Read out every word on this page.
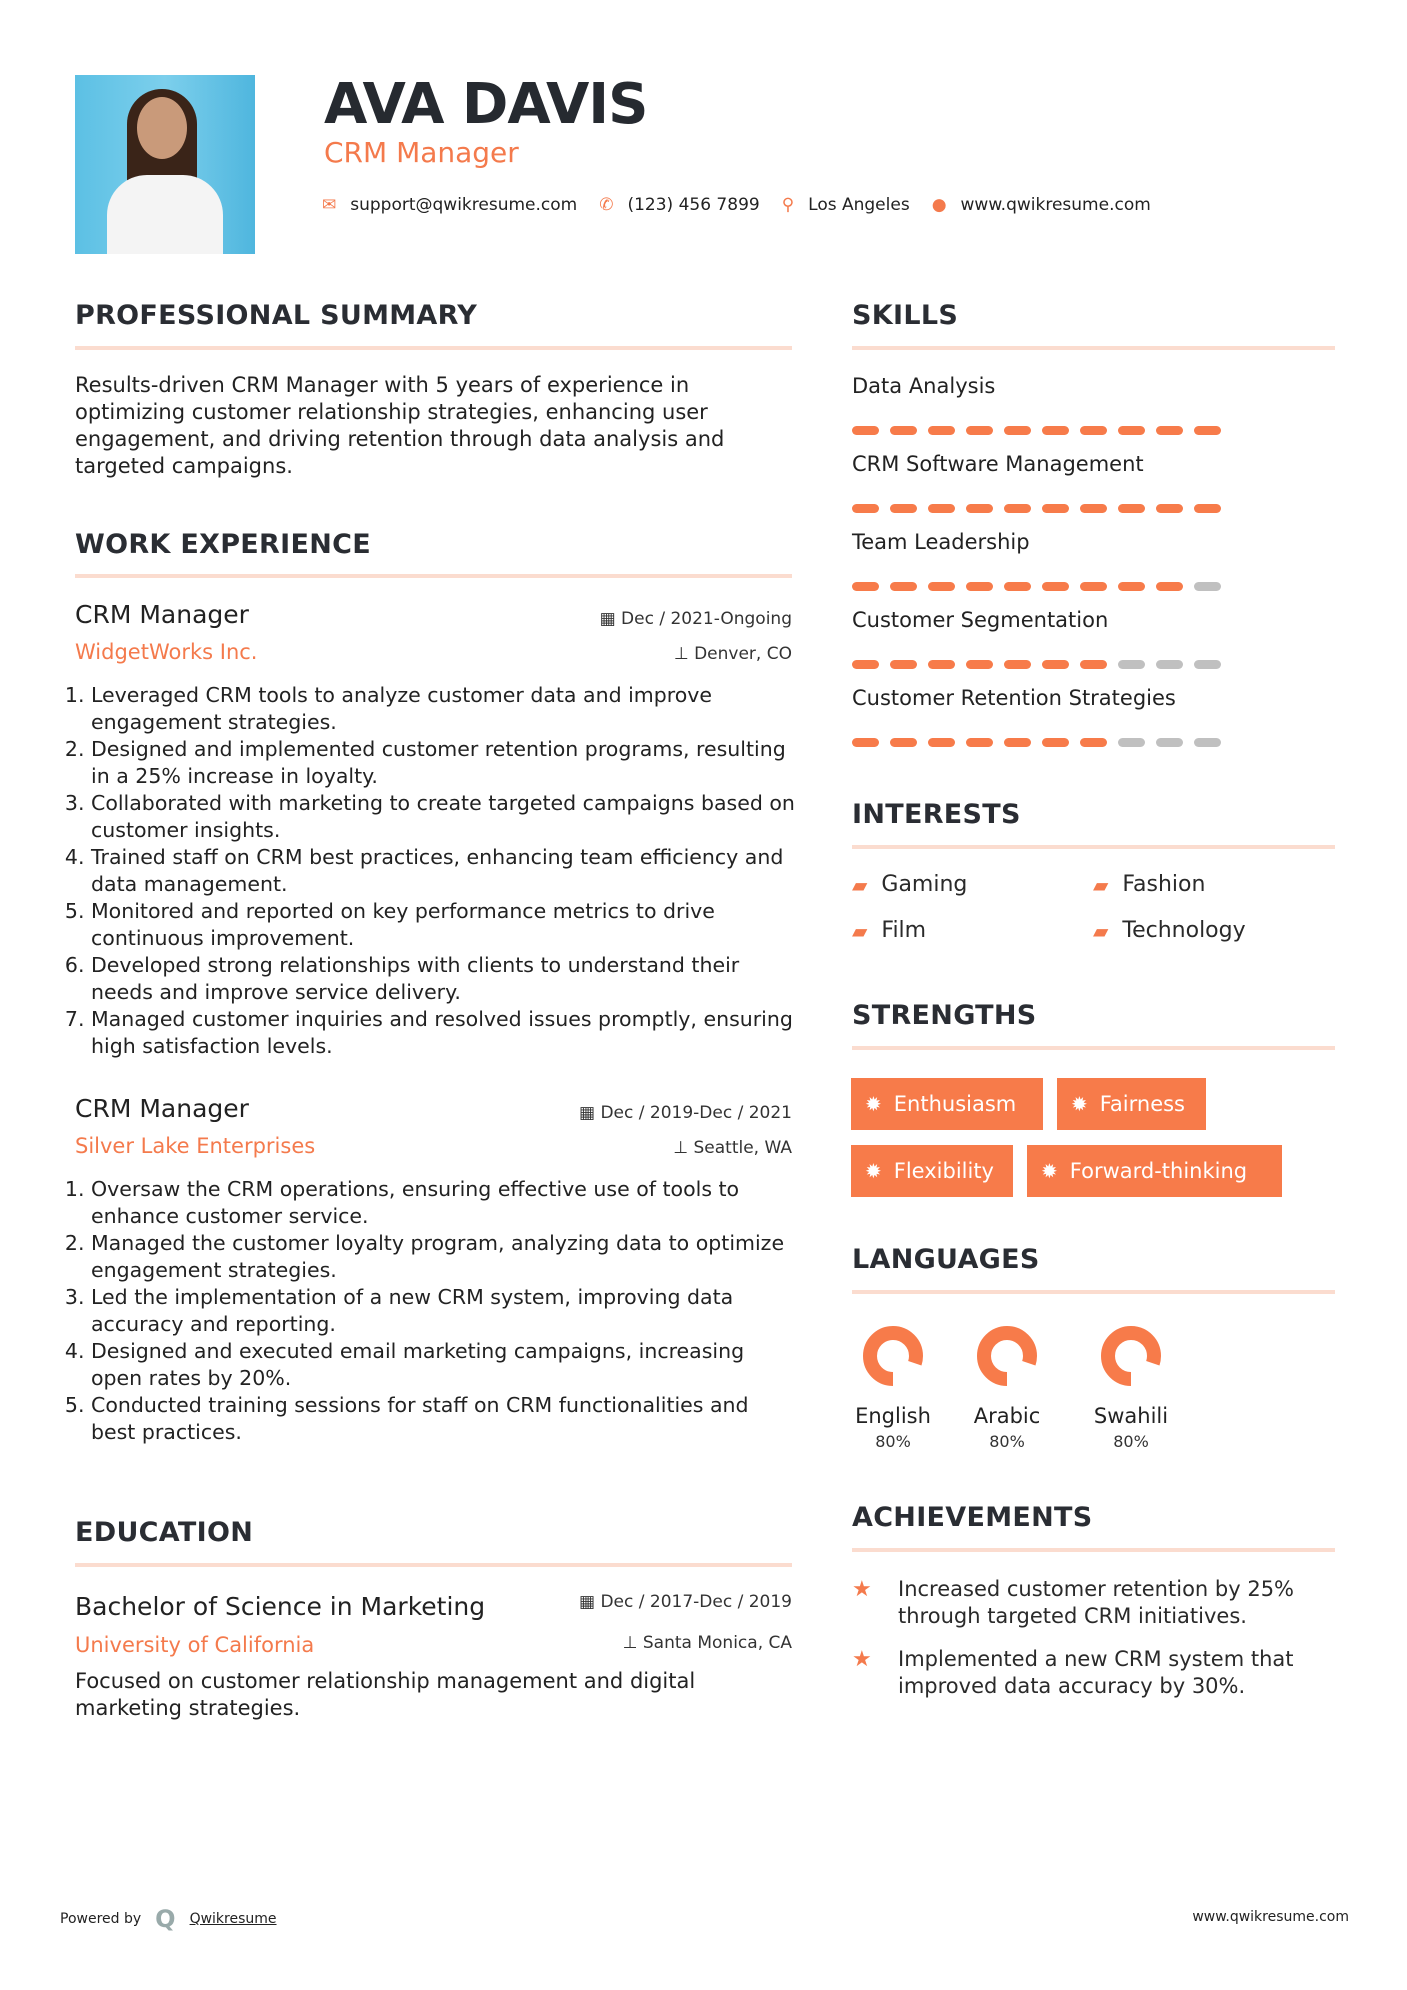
AVA DAVIS
CRM Manager
✉ support@qwikresume.com ✆ (123) 456 7899 ⚲ Los Angeles ● www.qwikresume.com
PROFESSIONAL SUMMARY
Results-driven CRM Manager with 5 years of experience in optimizing customer relationship strategies, enhancing user engagement, and driving retention through data analysis and targeted campaigns.
WORK EXPERIENCE
CRM Manager
WidgetWorks Inc.
▦ Dec / 2021-Ongoing
⊥ Denver, CO
1. Leveraged CRM tools to analyze customer data and improve engagement strategies.
2. Designed and implemented customer retention programs, resulting in a 25% increase in loyalty.
3. Collaborated with marketing to create targeted campaigns based on customer insights.
4. Trained staff on CRM best practices, enhancing team efficiency and data management.
5. Monitored and reported on key performance metrics to drive continuous improvement.
6. Developed strong relationships with clients to understand their needs and improve service delivery.
7. Managed customer inquiries and resolved issues promptly, ensuring high satisfaction levels.
CRM Manager
Silver Lake Enterprises
▦ Dec / 2019-Dec / 2021
⊥ Seattle, WA
1. Oversaw the CRM operations, ensuring effective use of tools to enhance customer service.
2. Managed the customer loyalty program, analyzing data to optimize engagement strategies.
3. Led the implementation of a new CRM system, improving data accuracy and reporting.
4. Designed and executed email marketing campaigns, increasing open rates by 20%.
5. Conducted training sessions for staff on CRM functionalities and best practices.
EDUCATION
Bachelor of Science in Marketing
University of California
▦ Dec / 2017-Dec / 2019
⊥ Santa Monica, CA
Focused on customer relationship management and digital marketing strategies.
SKILLS
Data Analysis
CRM Software Management
Team Leadership
Customer Segmentation
Customer Retention Strategies
INTERESTS
▰ Gaming	▰ Fashion
▰ Film	▰ Technology
STRENGTHS
✹ Enthusiasm	✹ Fairness
✹ Flexibility ✹ Forward-thinking
LANGUAGES
English
80%
Arabic
80%
Swahili
80%
ACHIEVEMENTS
★	Increased customer retention by 25% through targeted CRM initiatives.
★	Implemented a new CRM system that improved data accuracy by 30%.
Powered by Q Qwikresume	www.qwikresume.com
